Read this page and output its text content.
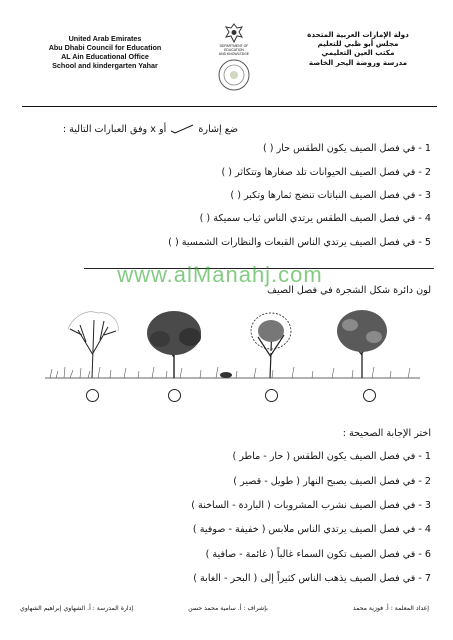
United Arab Emirates
Abu Dhabi Council for Education
AL Ain Educational Office
School and kindergarten Yahar
DEPARTMENT OF EDUCATION
AND KNOWLEDGE
دولة الإمارات العربية المتحدة
مجلس أبو ظبي للتعليم
مكتب العين التعليمي
مدرسة وروضة اليحر الخاصة
ضع إشارة  أو x وفق العبارات التالية :
1 - في فصل الصيف يكون الطقس حار ( )
2 - في فصل الصيف الحيوانات تلد صغارها وتتكاثر ( )
3 - في فصل الصيف النباتات تنضج ثمارها وتكبر ( )
4 - في فصل الصيف الطقس يرتدي الناس ثياب سميكة ( )
5 - في فصل الصيف يرتدي الناس القبعات والنظارات الشمسية ( )
لون دائرة شكل الشجرة في فصل الصيف
www.alManahj.com
اختر الإجابة الصحيحة :
1 - في فصل الصيف يكون الطقس ( حار - ماطر )
2 - في فصل الصيف يصبح النهار ( طويل - قصير )
3 - في فصل الصيف نشرب المشروبات ( الباردة - الساخنة )
4 - في فصل الصيف يرتدي الناس ملابس ( خفيفة - صوفية )
6 - في فصل الصيف تكون السماء غالباً ( غائمة - صافية )
7 - في فصل الصيف يذهب الناس كثيراً إلى ( البحر - الغابة )
إعداد المعلمة : أ. فوزية محمد
بإشراف : أ. سامية محمد حسن
إدارة المدرسة : أ. الشهاوي إبراهيم الشهاوي
